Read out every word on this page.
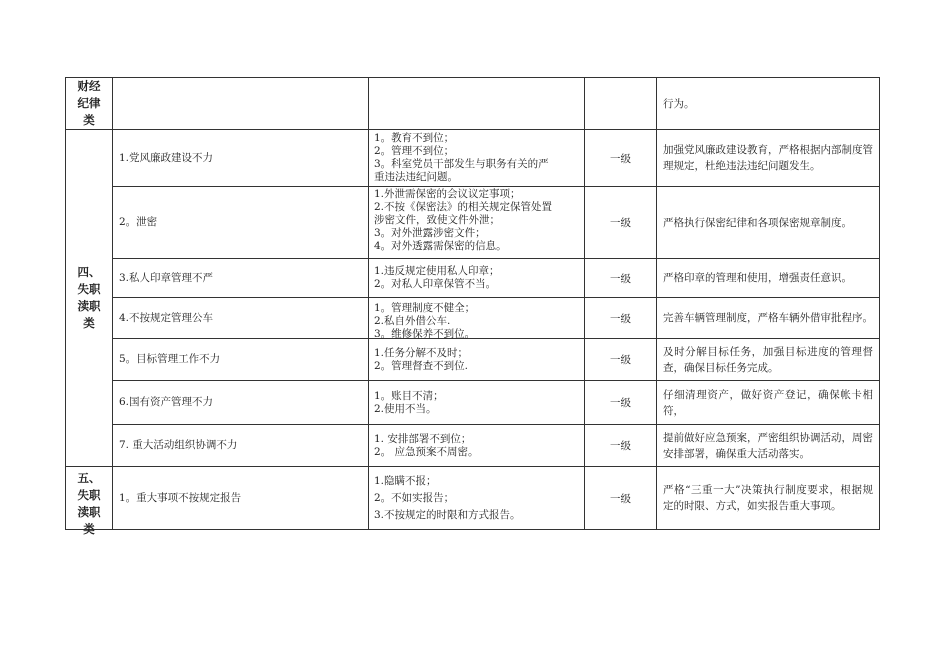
财经
纪律
类				行为。

四、
失职
渎职
类	1.党风廉政建设不力	1。教育不到位；
2。管理不到位；
3。科室党员干部发生与职务有关的严
重违法违纪问题。	一级	加强党风廉政建设教育，严格根据内部制度管理规定，杜绝违法违纪问题发生。
	2。泄密	1.外泄需保密的会议议定事项；
2.不按《保密法》的相关规定保管处置
涉密文件，致使文件外泄；
3。对外泄露涉密文件；
4。对外透露需保密的信息。	一级	严格执行保密纪律和各项保密规章制度。
	3.私人印章管理不严	1.违反规定使用私人印章；
2。对私人印章保管不当。	一级	严格印章的管理和使用，增强责任意识。
	4.不按规定管理公车	1。管理制度不健全；
2.私自外借公车.
3。维修保养不到位。	一级	完善车辆管理制度，严格车辆外借审批程序。
	5。目标管理工作不力	1.任务分解不及时；
2。管理督查不到位.	一级	及时分解目标任务，加强目标进度的管理督查，确保目标任务完成。
	6.国有资产管理不力	1。账目不清；
2.使用不当。	一级	仔细清理资产，做好资产登记，确保帐卡相符，
	7. 重大活动组织协调不力	1. 安排部署不到位；
2。 应急预案不周密。	一级	提前做好应急预案，严密组织协调活动，周密安排部署，确保重大活动落实。

五、
失职
渎职
类	1。重大事项不按规定报告	1.隐瞒不报；
2。不如实报告；
3.不按规定的时限和方式报告。	一级	严格“三重一大”决策执行制度要求，根据规定的时限、方式，如实报告重大事项。
